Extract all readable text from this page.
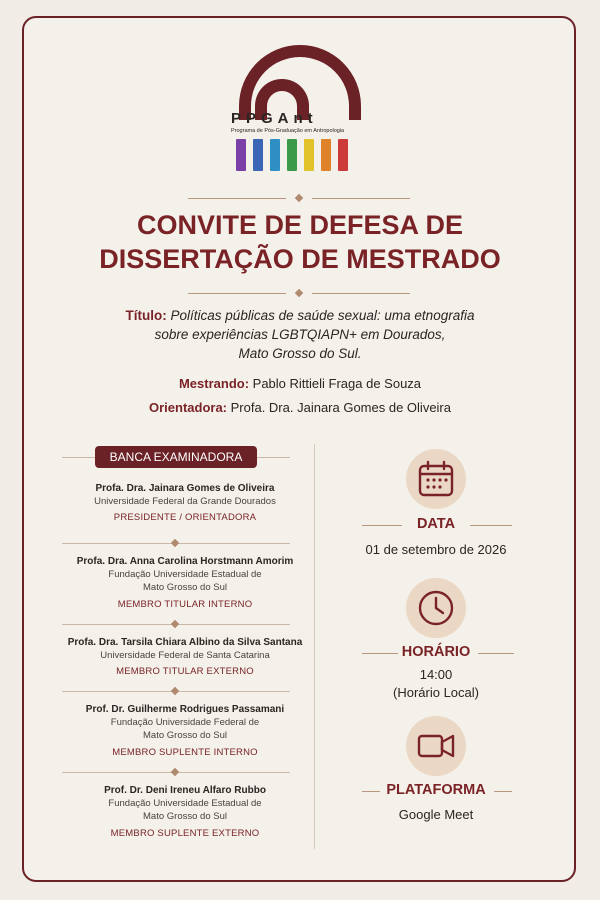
PPGAnt
Programa de Pós-Graduação em Antropologia
CONVITE DE DEFESA DE
DISSERTAÇÃO DE MESTRADO
Título: Políticas públicas de saúde sexual: uma etnografia
sobre experiências LGBTQIAPN+ em Dourados,
Mato Grosso do Sul.
Mestrando: Pablo Rittieli Fraga de Souza
Orientadora: Profa. Dra. Jainara Gomes de Oliveira
BANCA EXAMINADORA
Profa. Dra. Jainara Gomes de Oliveira
Universidade Federal da Grande Dourados
PRESIDENTE / ORIENTADORA
Profa. Dra. Anna Carolina Horstmann Amorim
Fundação Universidade Estadual de
Mato Grosso do Sul
MEMBRO TITULAR INTERNO
Profa. Dra. Tarsila Chiara Albino da Silva Santana
Universidade Federal de Santa Catarina
MEMBRO TITULAR EXTERNO
Prof. Dr. Guilherme Rodrigues Passamani
Fundação Universidade Federal de
Mato Grosso do Sul
MEMBRO SUPLENTE INTERNO
Prof. Dr. Deni Ireneu Alfaro Rubbo
Fundação Universidade Estadual de
Mato Grosso do Sul
MEMBRO SUPLENTE EXTERNO
DATA
01 de setembro de 2026
HORÁRIO
14:00
(Horário Local)
PLATAFORMA
Google Meet
